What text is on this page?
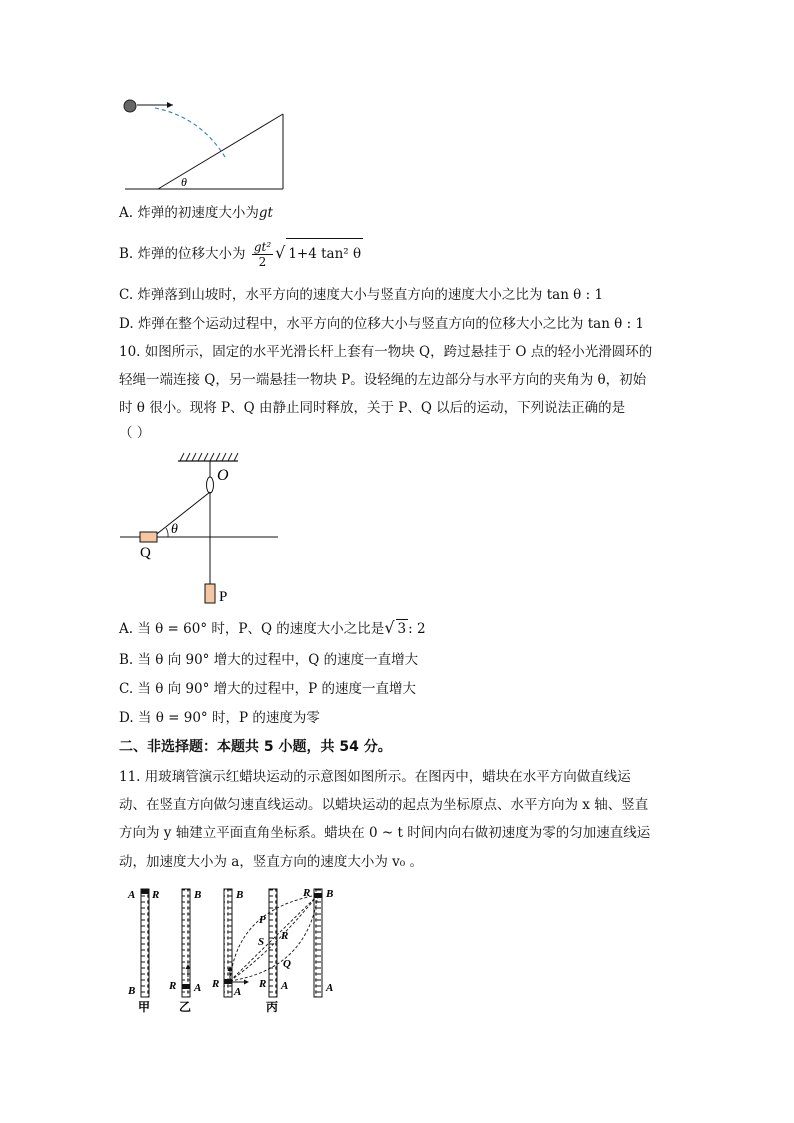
θ
A. 炸弹的初速度大小为gt
B. 炸弹的位移大小为 $\frac{\text{gt²}}{2}$ √ 1+4 tan² θ
C. 炸弹落到山坡时，水平方向的速度大小与竖直方向的速度大小之比为 tan θ : 1
D. 炸弹在整个运动过程中，水平方向的位移大小与竖直方向的位移大小之比为 tan θ : 1
10. 如图所示，固定的水平光滑长杆上套有一物块 Q，跨过悬挂于 O 点的轻小光滑圆环的
轻绳一端连接 Q，另一端悬挂一物块 P。设轻绳的左边部分与水平方向的夹角为 θ，初始
时 θ 很小。现将 P、Q 由静止同时释放，关于 P、Q 以后的运动，下列说法正确的是
（ ）
O
θ
Q
P
A. 当 θ = 60° 时，P、Q 的速度大小之比是√ 3 : 2
B. 当 θ 向 90° 增大的过程中，Q 的速度一直增大
C. 当 θ 向 90° 增大的过程中，P 的速度一直增大
D. 当 θ = 90° 时，P 的速度为零
二、非选择题：本题共 5 小题，共 54 分。
11. 用玻璃管演示红蜡块运动的示意图如图所示。在图丙中，蜡块在水平方向做直线运
动、在竖直方向做匀速直线运动。以蜡块运动的起点为坐标原点、水平方向为 x 轴、竖直
方向为 y 轴建立平面直角坐标系。蜡块在 0 ~ t 时间内向右做初速度为零的匀加速直线运
动，加速度大小为 a，竖直方向的速度大小为 v₀ 。
A R
B
甲
B
R A
乙
B
R
A
R A
R B
A
P
S R
Q
丙
